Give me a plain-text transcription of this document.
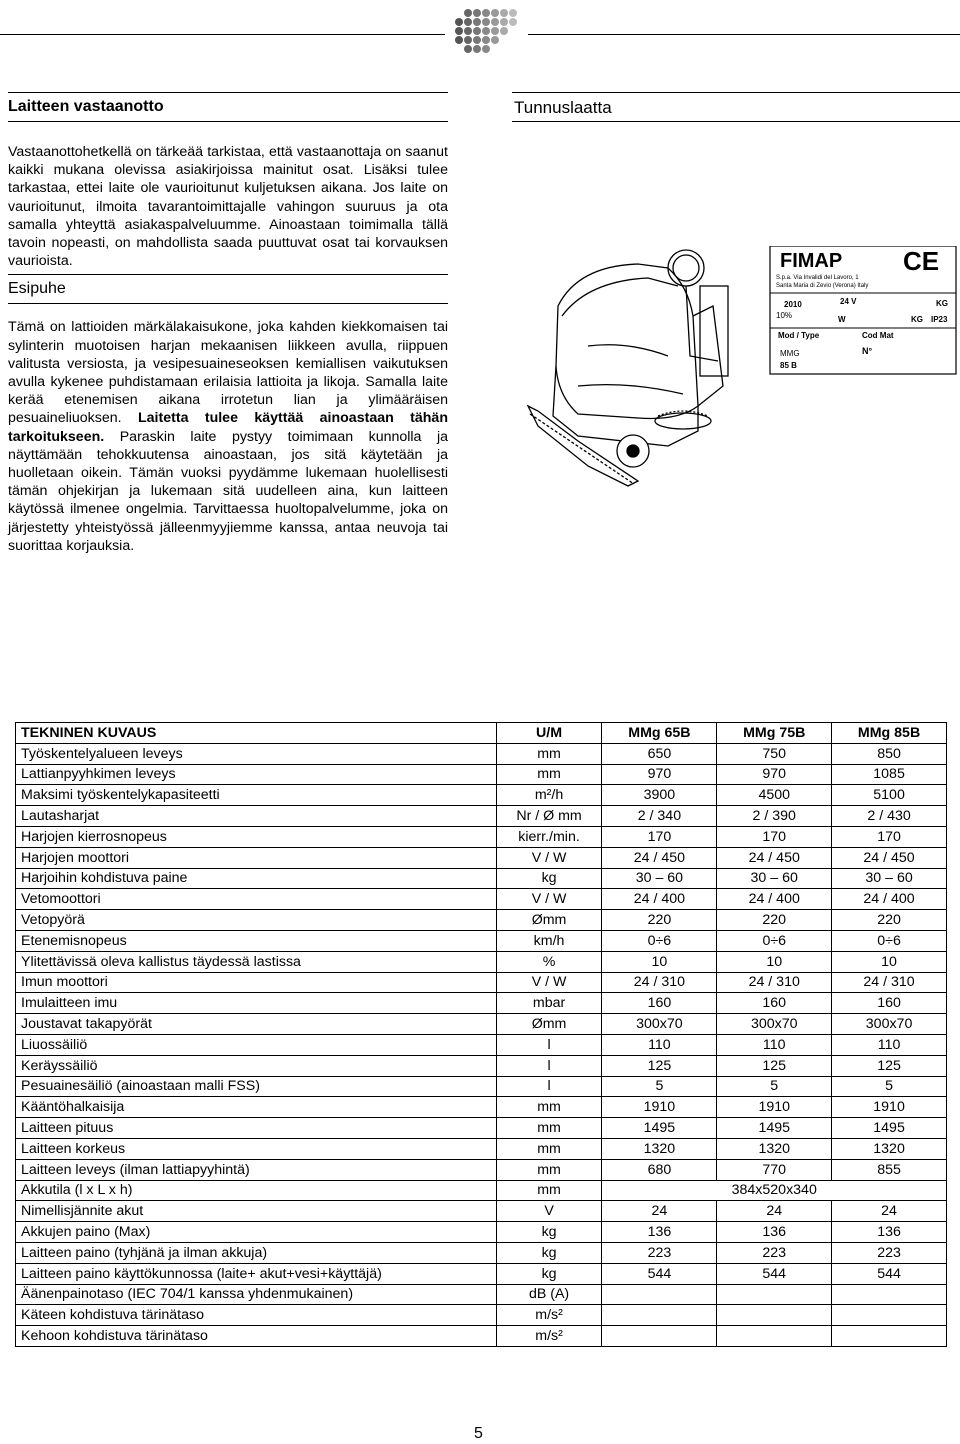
Laitteen vastaanotto

Vastaanottohetkellä on tärkeää tarkistaa, että vastaanottaja on saanut kaikki mukana olevissa asiakirjoissa mainitut osat. Lisäksi tulee tarkastaa, ettei laite ole vaurioitunut kuljetuksen aikana. Jos laite on vaurioitunut, ilmoita tavarantoimittajalle vahingon suuruus ja ota samalla yhteyttä asiakaspalveluumme. Ainoastaan toimimalla tällä tavoin nopeasti, on mahdollista saada puuttuvat osat tai korvauksen vaurioista.

Esipuhe

Tämä on lattioiden märkälakaisukone, joka kahden kiekkomaisen tai sylinterin muotoisen harjan mekaanisen liikkeen avulla, riippuen valitusta versiosta, ja vesipesuaineseoksen kemiallisen vaikutuksen avulla kykenee puhdistamaan erilaisia lattioita ja likoja. Samalla laite kerää etenemisen aikana irrotetun lian ja ylimääräisen pesuaineliuoksen. Laitetta tulee käyttää ainoastaan tähän tarkoitukseen. Paraskin laite pystyy toimimaan kunnolla ja näyttämään tehokkuutensa ainoastaan, jos sitä käytetään ja huolletaan oikein. Tämän vuoksi pyydämme lukemaan huolellisesti tämän ohjekirjan ja lukemaan sitä uudelleen aina, kun laitteen käytössä ilmenee ongelmia. Tarvittaessa huoltopalvelumme, joka on järjestetty yhteistyössä jälleenmyyjiemme kanssa, antaa neuvoja tai suorittaa korjauksia.

Tunnuslaatta
FIMAP CE
S.p.a. Via Invalidi del Lavoro, 1
Santa Maria di Zevio (Verona) Italy
2010	24 V	KG
10%	W	KG IP23
Mod / Type	Cod Mat
MMG	N°
85 B
TEKNINEN KUVAUS	U/M	MMg 65B	MMg 75B	MMg 85B
Työskentelyalueen leveys	mm	650	750	850
Lattianpyyhkimen leveys	mm	970	970	1085
Maksimi työskentelykapasiteetti	m²/h	3900	4500	5100
Lautasharjat	Nr / Ø mm	2 / 340	2 / 390	2 / 430
Harjojen kierrosnopeus	kierr./min.	170	170	170
Harjojen moottori	V / W	24 / 450	24 / 450	24 / 450
Harjoihin kohdistuva paine	kg	30 – 60	30 – 60	30 – 60
Vetomoottori	V / W	24 / 400	24 / 400	24 / 400
Vetopyörä	Ømm	220	220	220
Etenemisnopeus	km/h	0÷6	0÷6	0÷6
Ylitettävissä oleva kallistus täydessä lastissa	%	10	10	10
Imun moottori	V / W	24 / 310	24 / 310	24 / 310
Imulaitteen imu	mbar	160	160	160
Joustavat takapyörät	Ømm	300x70	300x70	300x70
Liuossäiliö	l	110	110	110
Keräyssäiliö	l	125	125	125
Pesuainesäiliö (ainoastaan malli FSS)	l	5	5	5
Kääntöhalkaisija	mm	1910	1910	1910
Laitteen pituus	mm	1495	1495	1495
Laitteen korkeus	mm	1320	1320	1320
Laitteen leveys (ilman lattiapyyhintä)	mm	680	770	855
Akkutila (l x L x h)	mm	384x520x340		
Nimellisjännite akut	V	24	24	24
Akkujen paino (Max)	kg	136	136	136
Laitteen paino (tyhjänä ja ilman akkuja)	kg	223	223	223
Laitteen paino käyttökunnossa (laite+ akut+vesi+käyttäjä)	kg	544	544	544
Äänenpainotaso (IEC 704/1 kanssa yhdenmukainen)	dB (A)			
Käteen kohdistuva tärinätaso	m/s²			
Kehoon kohdistuva tärinätaso	m/s²			
5
